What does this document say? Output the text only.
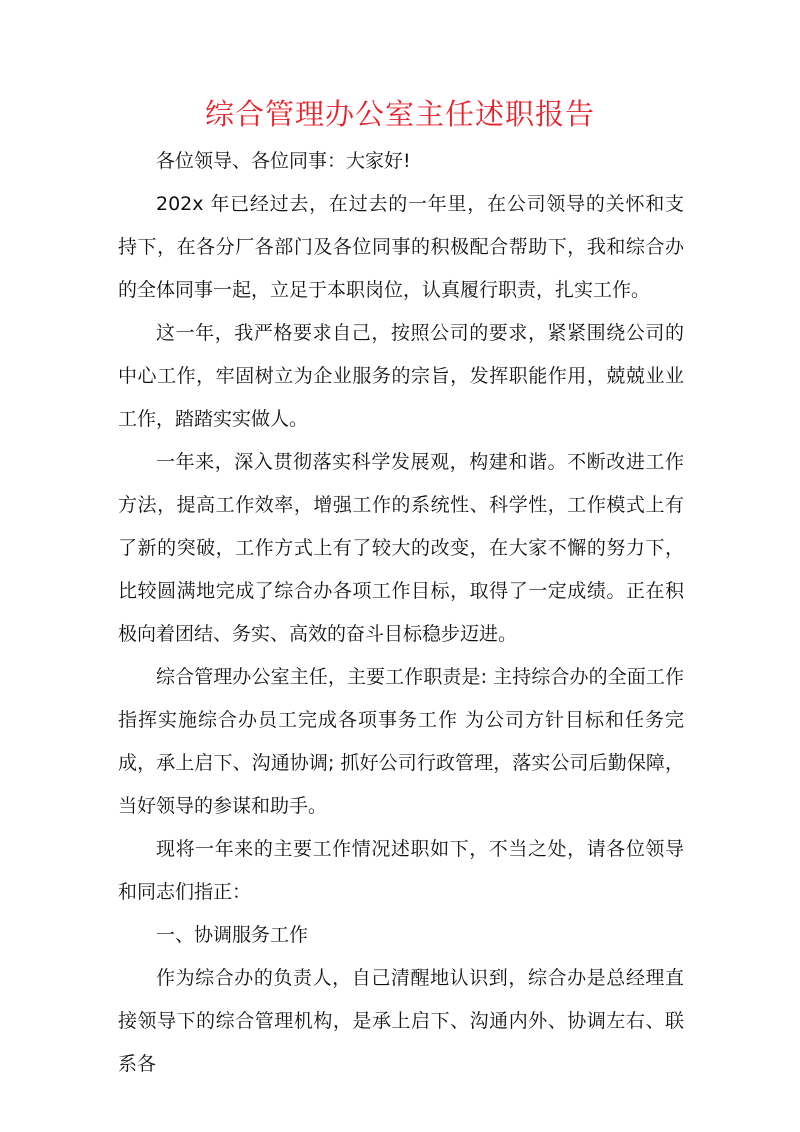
综合管理办公室主任述职报告

各位领导、各位同事：大家好!

202x 年已经过去，在过去的一年里，在公司领导的关怀和支持下，在各分厂各部门及各位同事的积极配合帮助下，我和综合办的全体同事一起，立足于本职岗位，认真履行职责，扎实工作。

这一年，我严格要求自己，按照公司的要求，紧紧围绕公司的中心工作，牢固树立为企业服务的宗旨，发挥职能作用，兢兢业业工作，踏踏实实做人。

一年来，深入贯彻落实科学发展观，构建和谐。不断改进工作方法，提高工作效率，增强工作的系统性、科学性，工作模式上有了新的突破，工作方式上有了较大的改变，在大家不懈的努力下，比较圆满地完成了综合办各项工作目标，取得了一定成绩。正在积极向着团结、务实、高效的奋斗目标稳步迈进。

综合管理办公室主任，主要工作职责是: 主持综合办的全面工作指挥实施综合办员工完成各项事务工作 为公司方针目标和任务完成，承上启下、沟通协调; 抓好公司行政管理，落实公司后勤保障，当好领导的参谋和助手。

现将一年来的主要工作情况述职如下，不当之处，请各位领导和同志们指正：

一、协调服务工作

作为综合办的负责人，自己清醒地认识到，综合办是总经理直接领导下的综合管理机构，是承上启下、沟通内外、协调左右、联系各
